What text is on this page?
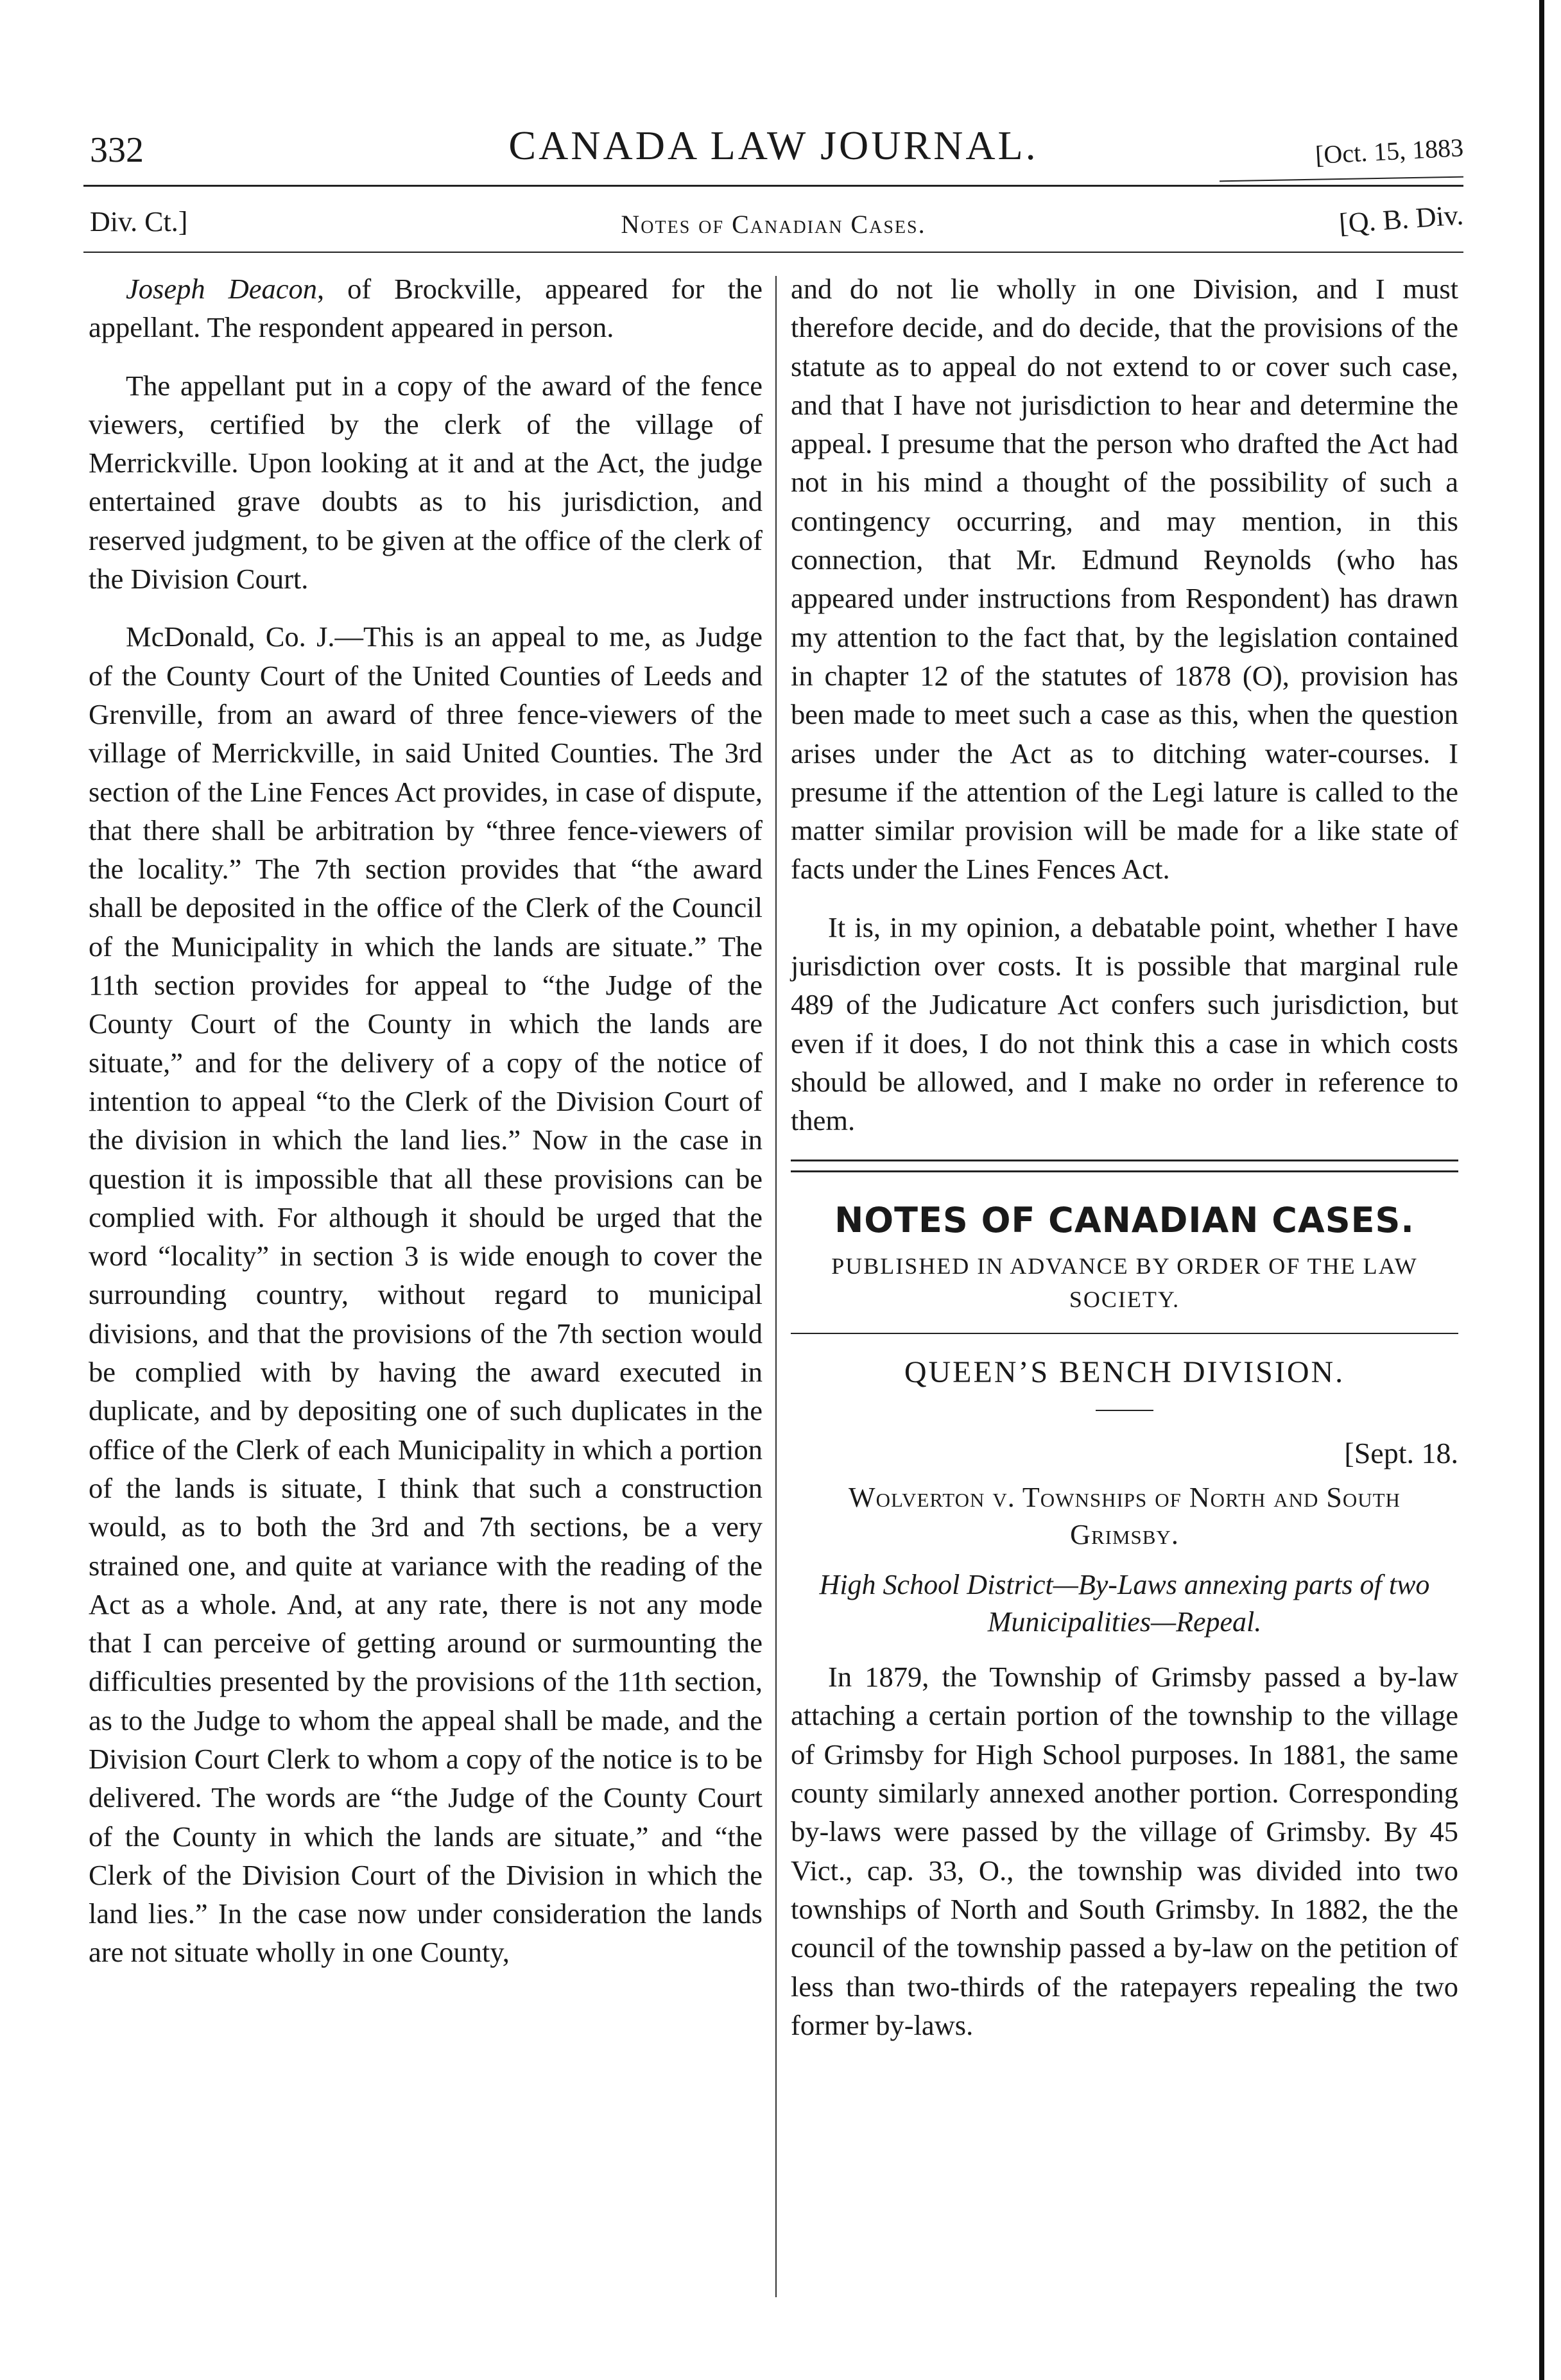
332	CANADA LAW JOURNAL.	[Oct. 15, 1883
Div. Ct.]	Notes of Canadian Cases.	[Q. B. Div.

Joseph Deacon, of Brockville, appeared for the appellant. The respondent appeared in person.

The appellant put in a copy of the award of the fence viewers, certified by the clerk of the village of Merrickville. Upon looking at it and at the Act, the judge entertained grave doubts as to his jurisdiction, and reserved judgment, to be given at the office of the clerk of the Division Court.

McDonald, Co. J.—This is an appeal to me, as Judge of the County Court of the United Counties of Leeds and Grenville, from an award of three fence-viewers of the village of Merrickville, in said United Counties. The 3rd section of the Line Fences Act provides, in case of dispute, that there shall be arbitration by “three fence-viewers of the locality.” The 7th section provides that “the award shall be deposited in the office of the Clerk of the Council of the Municipality in which the lands are situate.” The 11th section provides for appeal to “the Judge of the County Court of the County in which the lands are situate,” and for the delivery of a copy of the notice of intention to appeal “to the Clerk of the Division Court of the division in which the land lies.” Now in the case in question it is impossible that all these provisions can be complied with. For although it should be urged that the word “locality” in section 3 is wide enough to cover the surrounding country, without regard to municipal divisions, and that the provisions of the 7th section would be complied with by having the award executed in duplicate, and by depositing one of such duplicates in the office of the Clerk of each Municipality in which a portion of the lands is situate, I think that such a construction would, as to both the 3rd and 7th sections, be a very strained one, and quite at variance with the reading of the Act as a whole. And, at any rate, there is not any mode that I can perceive of getting around or surmounting the difficulties presented by the provisions of the 11th section, as to the Judge to whom the appeal shall be made, and the Division Court Clerk to whom a copy of the notice is to be delivered. The words are “the Judge of the County Court of the County in which the lands are situate,” and “the Clerk of the Division Court of the Division in which the land lies.” In the case now under consideration the lands are not situate wholly in one County,

and do not lie wholly in one Division, and I must therefore decide, and do decide, that the provisions of the statute as to appeal do not extend to or cover such case, and that I have not jurisdiction to hear and determine the appeal. I presume that the person who drafted the Act had not in his mind a thought of the possibility of such a contingency occurring, and may mention, in this connection, that Mr. Edmund Reynolds (who has appeared under instructions from Respondent) has drawn my attention to the fact that, by the legislation contained in chapter 12 of the statutes of 1878 (O), provision has been made to meet such a case as this, when the question arises under the Act as to ditching water-courses. I presume if the attention of the Legi lature is called to the matter similar provision will be made for a like state of facts under the Lines Fences Act.

It is, in my opinion, a debatable point, whether I have jurisdiction over costs. It is possible that marginal rule 489 of the Judicature Act confers such jurisdiction, but even if it does, I do not think this a case in which costs should be allowed, and I make no order in reference to them.

NOTES OF CANADIAN CASES.
PUBLISHED IN ADVANCE BY ORDER OF THE LAW SOCIETY.
QUEEN’S BENCH DIVISION.
[Sept. 18.
Wolverton v. Townships of North and South Grimsby.
High School District—By-Laws annexing parts of two Municipalities—Repeal.

In 1879, the Township of Grimsby passed a by-law attaching a certain portion of the township to the village of Grimsby for High School purposes. In 1881, the same county similarly annexed another portion. Corresponding by-laws were passed by the village of Grimsby. By 45 Vict., cap. 33, O., the township was divided into two townships of North and South Grimsby. In 1882, the the council of the township passed a by-law on the petition of less than two-thirds of the ratepayers repealing the two former by-laws.
